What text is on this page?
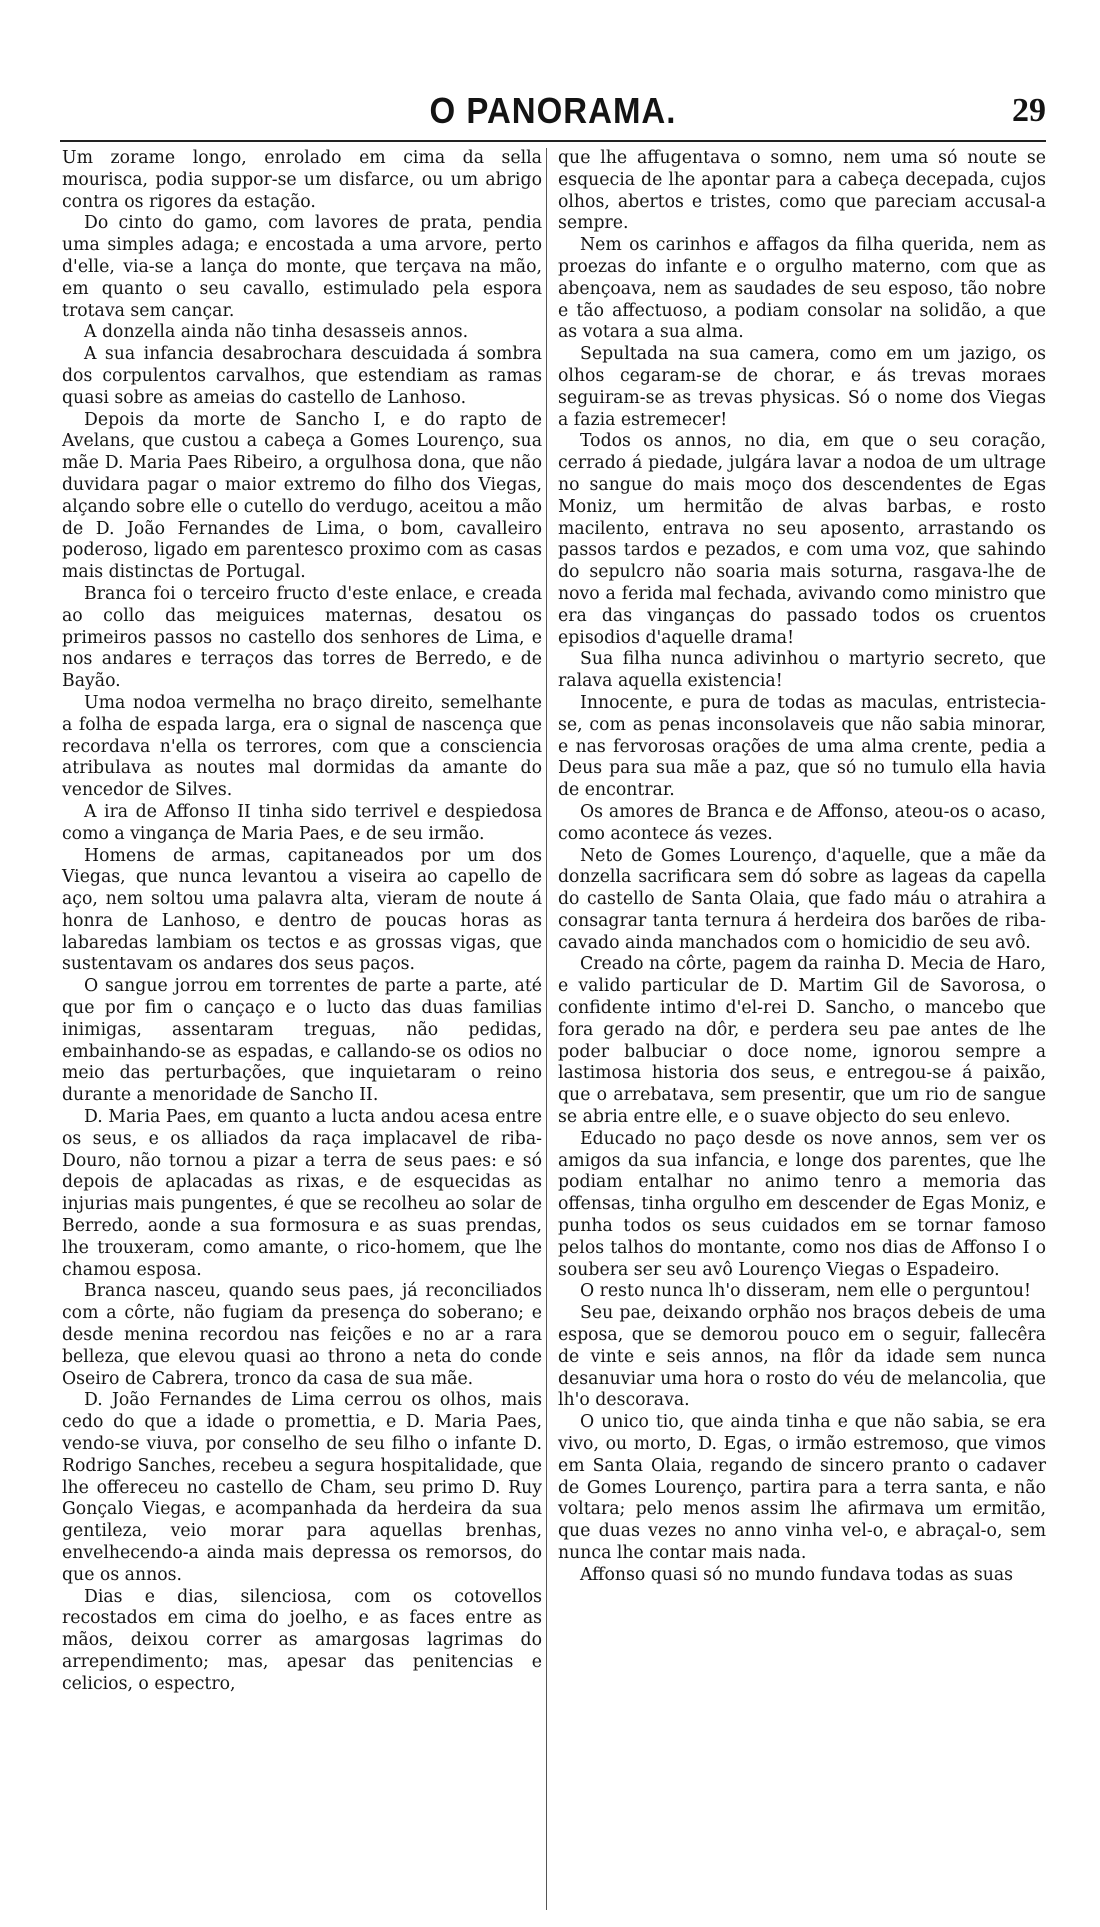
O PANORAMA.	29

Um zorame longo, enrolado em cima da sella mourisca, podia suppor-se um disfarce, ou um abrigo contra os rigores da estação.

Do cinto do gamo, com lavores de prata, pendia uma simples adaga; e encostada a uma arvore, perto d'elle, via-se a lança do monte, que terçava na mão, em quanto o seu cavallo, estimulado pela espora trotava sem cançar.

A donzella ainda não tinha desasseis annos.

A sua infancia desabrochara descuidada á sombra dos corpulentos carvalhos, que estendiam as ramas quasi sobre as ameias do castello de Lanhoso.

Depois da morte de Sancho I, e do rapto de Avelans, que custou a cabeça a Gomes Lourenço, sua mãe D. Maria Paes Ribeiro, a orgulhosa dona, que não duvidara pagar o maior extremo do filho dos Viegas, alçando sobre elle o cutello do verdugo, aceitou a mão de D. João Fernandes de Lima, o bom, cavalleiro poderoso, ligado em parentesco proximo com as casas mais distinctas de Portugal.

Branca foi o terceiro fructo d'este enlace, e creada ao collo das meiguices maternas, desatou os primeiros passos no castello dos senhores de Lima, e nos andares e terraços das torres de Berredo, e de Bayão.

Uma nodoa vermelha no braço direito, semelhante a folha de espada larga, era o signal de nascença que recordava n'ella os terrores, com que a consciencia atribulava as noutes mal dormidas da amante do vencedor de Silves.

A ira de Affonso II tinha sido terrivel e despiedosa como a vingança de Maria Paes, e de seu irmão.

Homens de armas, capitaneados por um dos Viegas, que nunca levantou a viseira ao capello de aço, nem soltou uma palavra alta, vieram de noute á honra de Lanhoso, e dentro de poucas horas as labaredas lambiam os tectos e as grossas vigas, que sustentavam os andares dos seus paços.

O sangue jorrou em torrentes de parte a parte, até que por fim o cançaço e o lucto das duas familias inimigas, assentaram treguas, não pedidas, embainhando-se as espadas, e callando-se os odios no meio das perturbações, que inquietaram o reino durante a menoridade de Sancho II.

D. Maria Paes, em quanto a lucta andou acesa entre os seus, e os alliados da raça implacavel de riba-Douro, não tornou a pizar a terra de seus paes: e só depois de aplacadas as rixas, e de esquecidas as injurias mais pungentes, é que se recolheu ao solar de Berredo, aonde a sua formosura e as suas prendas, lhe trouxeram, como amante, o rico-homem, que lhe chamou esposa.

Branca nasceu, quando seus paes, já reconciliados com a côrte, não fugiam da presença do soberano; e desde menina recordou nas feições e no ar a rara belleza, que elevou quasi ao throno a neta do conde Oseiro de Cabrera, tronco da casa de sua mãe.

D. João Fernandes de Lima cerrou os olhos, mais cedo do que a idade o promettia, e D. Maria Paes, vendo-se viuva, por conselho de seu filho o infante D. Rodrigo Sanches, recebeu a segura hospitalidade, que lhe offereceu no castello de Cham, seu primo D. Ruy Gonçalo Viegas, e acompanhada da herdeira da sua gentileza, veio morar para aquellas brenhas, envelhecendo-a ainda mais depressa os remorsos, do que os annos.

Dias e dias, silenciosa, com os cotovellos recostados em cima do joelho, e as faces entre as mãos, deixou correr as amargosas lagrimas do arrependimento; mas, apesar das penitencias e celicios, o espectro,

que lhe affugentava o somno, nem uma só noute se esquecia de lhe apontar para a cabeça decepada, cujos olhos, abertos e tristes, como que pareciam accusal-a sempre.

Nem os carinhos e affagos da filha querida, nem as proezas do infante e o orgulho materno, com que as abençoava, nem as saudades de seu esposo, tão nobre e tão affectuoso, a podiam consolar na solidão, a que as votara a sua alma.

Sepultada na sua camera, como em um jazigo, os olhos cegaram-se de chorar, e ás trevas moraes seguiram-se as trevas physicas. Só o nome dos Viegas a fazia estremecer!

Todos os annos, no dia, em que o seu coração, cerrado á piedade, julgára lavar a nodoa de um ultrage no sangue do mais moço dos descendentes de Egas Moniz, um hermitão de alvas barbas, e rosto macilento, entrava no seu aposento, arrastando os passos tardos e pezados, e com uma voz, que sahindo do sepulcro não soaria mais soturna, rasgava-lhe de novo a ferida mal fechada, avivando como ministro que era das vinganças do passado todos os cruentos episodios d'aquelle drama!

Sua filha nunca adivinhou o martyrio secreto, que ralava aquella existencia!

Innocente, e pura de todas as maculas, entristecia-se, com as penas inconsolaveis que não sabia minorar, e nas fervorosas orações de uma alma crente, pedia a Deus para sua mãe a paz, que só no tumulo ella havia de encontrar.

Os amores de Branca e de Affonso, ateou-os o acaso, como acontece ás vezes.

Neto de Gomes Lourenço, d'aquelle, que a mãe da donzella sacrificara sem dó sobre as lageas da capella do castello de Santa Olaia, que fado máu o atrahira a consagrar tanta ternura á herdeira dos barões de riba-cavado ainda manchados com o homicidio de seu avô.

Creado na côrte, pagem da rainha D. Mecia de Haro, e valido particular de D. Martim Gil de Savorosa, o confidente intimo d'el-rei D. Sancho, o mancebo que fora gerado na dôr, e perdera seu pae antes de lhe poder balbuciar o doce nome, ignorou sempre a lastimosa historia dos seus, e entregou-se á paixão, que o arrebatava, sem presentir, que um rio de sangue se abria entre elle, e o suave objecto do seu enlevo.

Educado no paço desde os nove annos, sem ver os amigos da sua infancia, e longe dos parentes, que lhe podiam entalhar no animo tenro a memoria das offensas, tinha orgulho em descender de Egas Moniz, e punha todos os seus cuidados em se tornar famoso pelos talhos do montante, como nos dias de Affonso I o soubera ser seu avô Lourenço Viegas o Espadeiro.

O resto nunca lh'o disseram, nem elle o perguntou!

Seu pae, deixando orphão nos braços debeis de uma esposa, que se demorou pouco em o seguir, fallecêra de vinte e seis annos, na flôr da idade sem nunca desanuviar uma hora o rosto do véu de melancolia, que lh'o descorava.

O unico tio, que ainda tinha e que não sabia, se era vivo, ou morto, D. Egas, o irmão estremoso, que vimos em Santa Olaia, regando de sincero pranto o cadaver de Gomes Lourenço, partira para a terra santa, e não voltara; pelo menos assim lhe afirmava um ermitão, que duas vezes no anno vinha vel-o, e abraçal-o, sem nunca lhe contar mais nada.

Affonso quasi só no mundo fundava todas as suas
